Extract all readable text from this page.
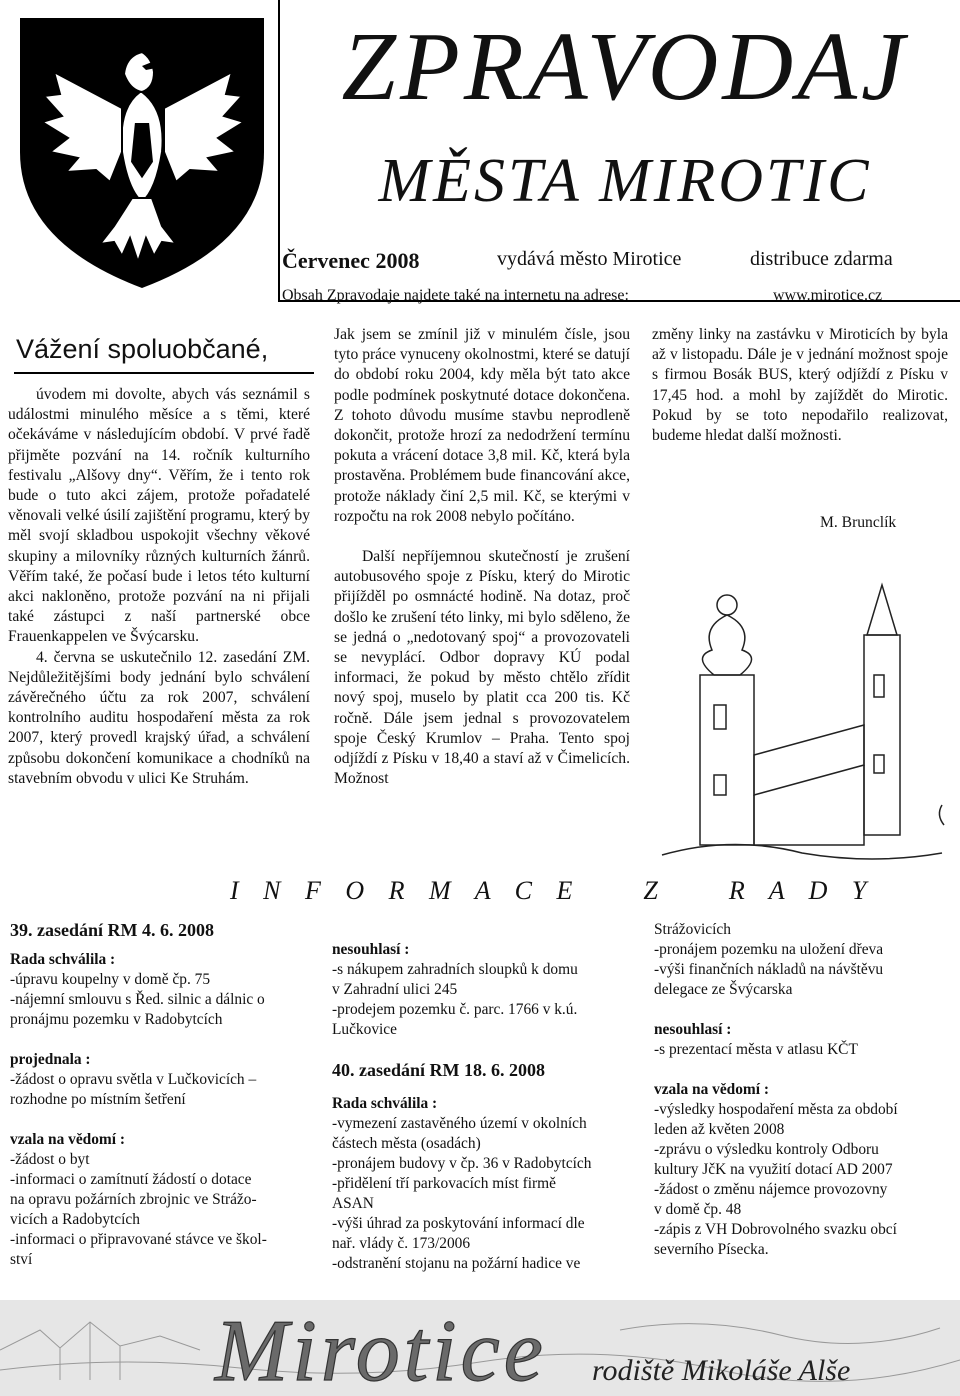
ZPRAVODAJ
MĚSTA MIROTIC
Červenec 2008	vydává město Mirotice	distribuce zdarma
Obsah Zpravodaje najdete také na internetu na adrese:	www.mirotice.cz
Vážení spoluobčané,

úvodem mi dovolte, abych vás seznámil s událostmi minulého měsíce a s těmi, které očekáváme v následujícím období. V prvé řadě přijměte pozvání na 14. ročník kulturního festivalu „Alšovy dny“. Věřím, že i tento rok bude o tuto akci zájem, protože pořadatelé věnovali velké úsilí zajištění programu, který by měl svojí skladbou uspokojit všechny věkové skupiny a milovníky různých kulturních žánrů. Věřím také, že počasí bude i letos této kulturní akci nakloněno, protože pozvání na ni přijali také zástupci z naší partnerské obce Frauenkappelen ve Švýcarsku.

4. června se uskutečnilo 12. zasedání ZM. Nejdůležitějšími body jednání bylo schválení závěrečného účtu za rok 2007, schválení kontrolního auditu hospodaření města za rok 2007, který provedl krajský úřad, a schválení způsobu dokončení komunikace a chodníků na stavebním obvodu v ulici Ke Struhám.

Jak jsem se zmínil již v minulém čísle, jsou tyto práce vynuceny okolnostmi, které se datují do období roku 2004, kdy měla být tato akce podle podmínek poskytnuté dotace dokončena. Z tohoto důvodu musíme stavbu neprodleně dokončit, protože hrozí za nedodržení termínu pokuta a vrácení dotace 3,8 mil. Kč, která byla prostavěna. Problémem bude financování akce, protože náklady činí 2,5 mil. Kč, se kterými v rozpočtu na rok 2008 nebylo počítáno.

Další nepříjemnou skutečností je zrušení autobusového spoje z Písku, který do Mirotic přijížděl po osmnácté hodině. Na dotaz, proč došlo ke zrušení této linky, mi bylo sděleno, že se jedná o „nedotovaný spoj“ a provozovateli se nevyplácí. Odbor dopravy KÚ podal informaci, že pokud by město chtělo zřídit nový spoj, muselo by platit cca 200 tis. Kč ročně. Dále jsem jednal s provozovatelem spoje Český Krumlov – Praha. Tento spoj odjíždí z Písku v 18,40 a staví až v Čimelicích. Možnost

změny linky na zastávku v Miroticích by byla až v listopadu. Dále je v jednání možnost spoje s firmou Bosák BUS, který odjíždí z Písku v 17,45 hod. a mohl by zajíždět do Mirotic. Pokud by se toto nepodařilo realizovat, budeme hledat další možnosti.

M. Brunclík
I N F O R M A C E    Z    R A D Y
39. zasedání RM 4. 6. 2008
Rada schválila :
-úpravu koupelny v domě čp. 75
-nájemní smlouvu s Řed. silnic a dálnic o
pronájmu pozemku v Radobytcích
projednala :
-žádost o opravu světla v Lučkovicích –
rozhodne po místním šetření
vzala na vědomí :
-žádost o byt
-informaci o zamítnutí žádostí o dotace
na opravu požárních zbrojnic ve Strážo-
vicích a Radobytcích
-informaci o připravované stávce ve škol-
ství
nesouhlasí :
-s nákupem zahradních sloupků k domu
v Zahradní ulici 245
-prodejem pozemku č. parc. 1766 v k.ú.
Lučkovice
40. zasedání RM 18. 6. 2008
Rada schválila :
-vymezení zastavěného území v okolních
částech města (osadách)
-pronájem budovy v čp. 36 v Radobytcích
-přidělení tří parkovacích míst firmě
ASAN
-výši úhrad za poskytování informací dle
nař. vlády č. 173/2006
-odstranění stojanu na požární hadice ve
Strážovicích
-pronájem pozemku na uložení dřeva
-výši finančních nákladů na návštěvu
delegace ze Švýcarska
nesouhlasí :
-s prezentací města v atlasu KČT
vzala na vědomí :
-výsledky hospodaření města za období
leden až květen 2008
-zprávu o výsledku kontroly Odboru
kultury JčK na využití dotací AD 2007
-žádost o změnu nájemce provozovny
v domě čp. 48
-zápis z VH Dobrovolného svazku obcí
severního Písecka.
Mirotice rodiště Mikoláše Alše
